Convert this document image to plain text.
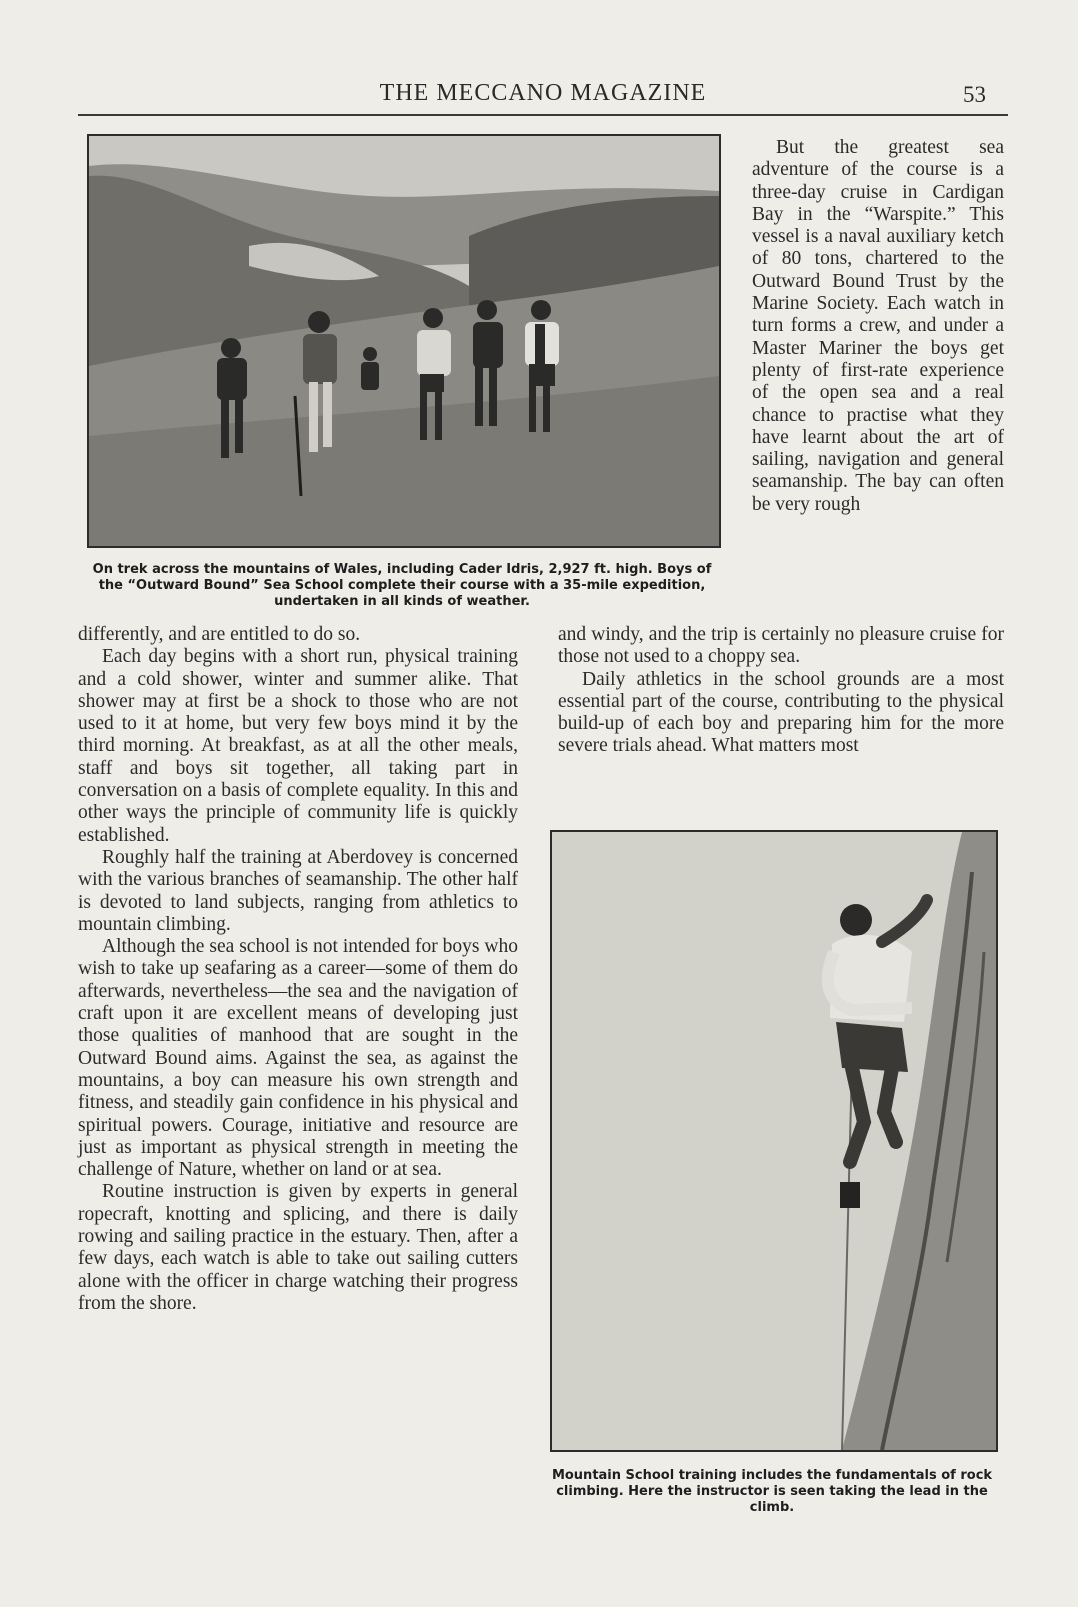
THE MECCANO MAGAZINE	53
On trek across the mountains of Wales, including Cader Idris, 2,927 ft. high. Boys of the “Outward Bound” Sea School complete their course with a 35-mile expedition, undertaken in all kinds of weather.

But the greatest sea adventure of the course is a three-day cruise in Cardigan Bay in the “Warspite.” This vessel is a naval auxiliary ketch of 80 tons, chartered to the Outward Bound Trust by the Marine Society. Each watch in turn forms a crew, and under a Master Mariner the boys get plenty of first-rate experience of the open sea and a real chance to practise what they have learnt about the art of sailing, navigation and general seamanship. The bay can often be very rough

differently, and are entitled to do so.

Each day begins with a short run, physical training and a cold shower, winter and summer alike. That shower may at first be a shock to those who are not used to it at home, but very few boys mind it by the third morning. At breakfast, as at all the other meals, staff and boys sit together, all taking part in conversation on a basis of complete equality. In this and other ways the principle of community life is quickly established.

Roughly half the training at Aberdovey is concerned with the various branches of seamanship. The other half is devoted to land subjects, ranging from athletics to mountain climbing.

Although the sea school is not intended for boys who wish to take up seafaring as a career—some of them do afterwards, nevertheless—the sea and the navigation of craft upon it are excellent means of developing just those qualities of manhood that are sought in the Outward Bound aims. Against the sea, as against the mountains, a boy can measure his own strength and fitness, and steadily gain confidence in his physical and spiritual powers. Courage, initiative and resource are just as important as physical strength in meeting the challenge of Nature, whether on land or at sea.

Routine instruction is given by experts in general ropecraft, knotting and splicing, and there is daily rowing and sailing practice in the estuary. Then, after a few days, each watch is able to take out sailing cutters alone with the officer in charge watching their progress from the shore.

and windy, and the trip is certainly no pleasure cruise for those not used to a choppy sea.

Daily athletics in the school grounds are a most essential part of the course, contributing to the physical build-up of each boy and preparing him for the more severe trials ahead. What matters most

Mountain School training includes the fundamentals of rock climbing. Here the instructor is seen taking the lead in the climb.
